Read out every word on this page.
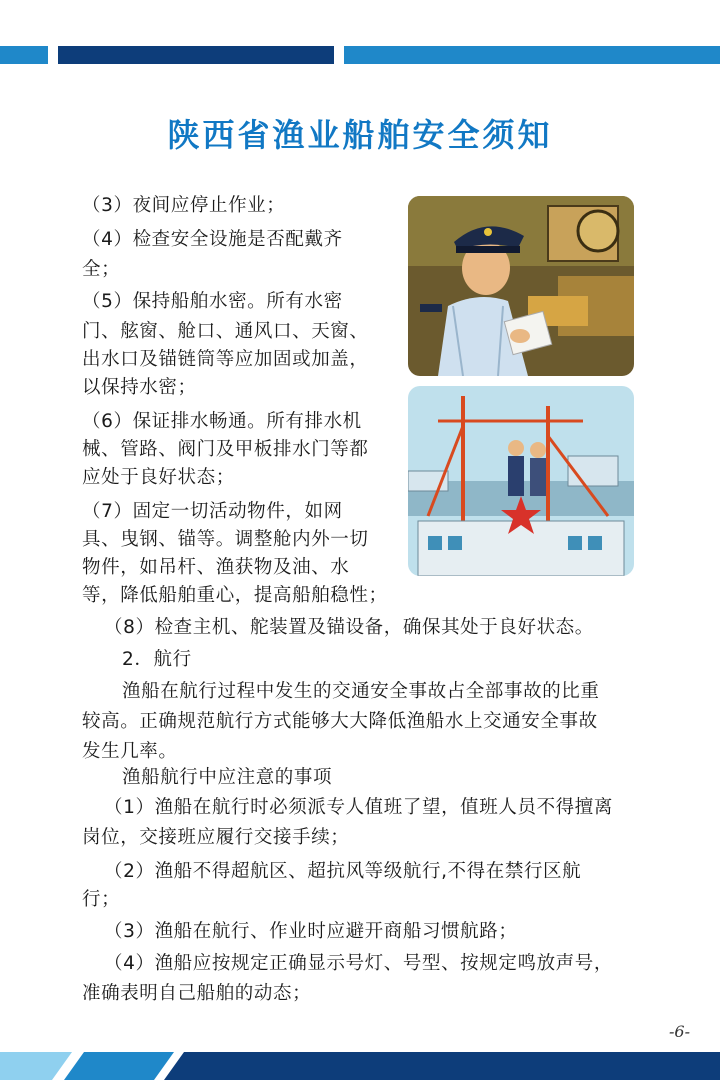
陕西省渔业船舶安全须知

（3）夜间应停止作业；

（4）检查安全设施是否配戴齐

全；

（5）保持船舶水密。所有水密

门、舷窗、舱口、通风口、天窗、

出水口及锚链筒等应加固或加盖，

以保持水密；

（6）保证排水畅通。所有排水机

械、管路、阀门及甲板排水门等都

应处于良好状态；

（7）固定一切活动物件，如网

具、曳钢、锚等。调整舱内外一切

物件，如吊杆、渔获物及油、水

等，降低船舶重心，提高船舶稳性；

（8）检查主机、舵装置及锚设备，确保其处于良好状态。

2．航行

渔船在航行过程中发生的交通安全事故占全部事故的比重

较高。正确规范航行方式能够大大降低渔船水上交通安全事故

发生几率。

渔船航行中应注意的事项

（1）渔船在航行时必须派专人值班了望，值班人员不得擅离

岗位，交接班应履行交接手续；

（2）渔船不得超航区、超抗风等级航行,不得在禁行区航

行；

（3）渔船在航行、作业时应避开商船习惯航路；

（4）渔船应按规定正确显示号灯、号型、按规定鸣放声号，

准确表明自己船舶的动态；

-6-
